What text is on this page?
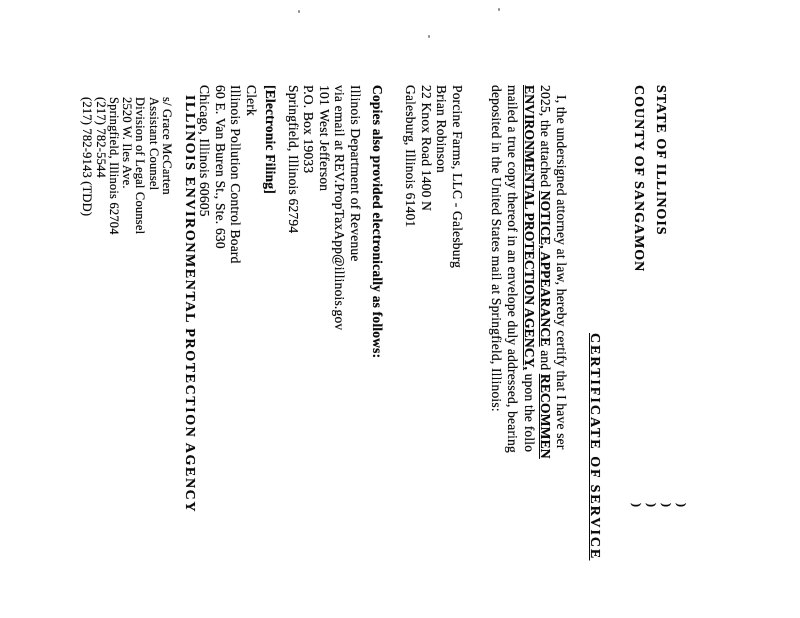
STATE OF ILLINOIS
COUNTY OF SANGAMON
)
)
)
)
CERTIFICATE OF SERVICE
I, the undersigned attorney at law, hereby certify that I have ser
2025, the attached NOTICE, APPEARANCE and RECOMMEN
ENVIRONMENTAL PROTECTION AGENCY, upon the follo
mailed a true copy thereof in an envelope duly addressed, bearing
deposited in the United States mail at Springfield, Illinois:
Porcine Farms, LLC - Galesburg
Brian Robinson
22 Knox Road 1400 N
Galesburg, Illinois 61401
Copies also provided electronically as follows:
Illinois Department of Revenue
via email at REV.PropTaxApp@illinois.gov
101 West Jefferson
P.O. Box 19033
Springfield, Illinois 62794
[Electronic Filing]
Clerk
Illinois Pollution Control Board
60 E. Van Buren St., Ste. 630
Chicago, Illinois 60605
ILLINOIS ENVIRONMENTAL PROTECTION AGENCY
s/ Grace McCarten
Assistant Counsel
Division of Legal Counsel
2520 W. Iles Ave.
Springfield, Illinois 62704
(217) 782-5544
(217) 782-9143 (TDD)
